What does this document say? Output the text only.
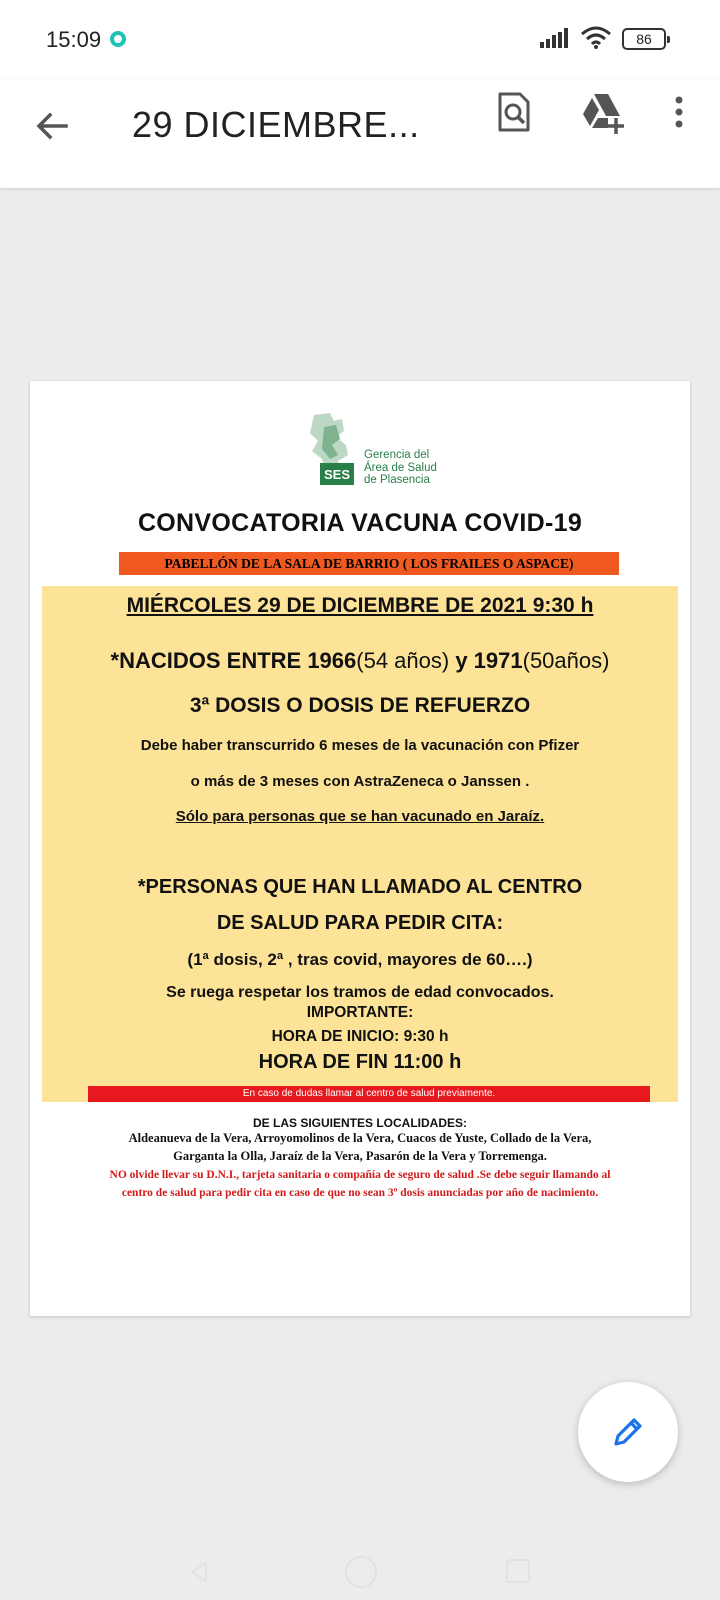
15:09	86
29 DICIEMBRE...
SES
Gerencia del
Área de Salud
de Plasencia
CONVOCATORIA VACUNA COVID-19
PABELLÓN DE LA SALA DE BARRIO ( LOS FRAILES O ASPACE)
MIÉRCOLES 29 DE DICIEMBRE DE 2021 9:30 h
*NACIDOS ENTRE 1966(54 años) y 1971(50años)
3ª DOSIS O DOSIS DE REFUERZO
Debe haber transcurrido 6 meses de la vacunación con Pfizer
o más de 3 meses con AstraZeneca o Janssen .
Sólo para personas que se han vacunado en Jaraíz.
*PERSONAS QUE HAN LLAMADO AL CENTRO
DE SALUD PARA PEDIR CITA:
(1ª dosis, 2ª , tras covid, mayores de 60….)
Se ruega respetar los tramos de edad convocados.
IMPORTANTE:
HORA DE INICIO: 9:30 h
HORA DE FIN 11:00 h
En caso de dudas llamar al centro de salud previamente.
DE LAS SIGUIENTES LOCALIDADES:
Aldeanueva de la Vera, Arroyomolinos de la Vera, Cuacos de Yuste, Collado de la Vera,
Garganta la Olla, Jaraíz de la Vera, Pasarón de la Vera y Torremenga.
NO olvide llevar su D.N.I., tarjeta sanitaria o compañía de seguro de salud .Se debe seguir llamando al
centro de salud para pedir cita en caso de que no sean 3º dosis anunciadas por año de nacimiento.
